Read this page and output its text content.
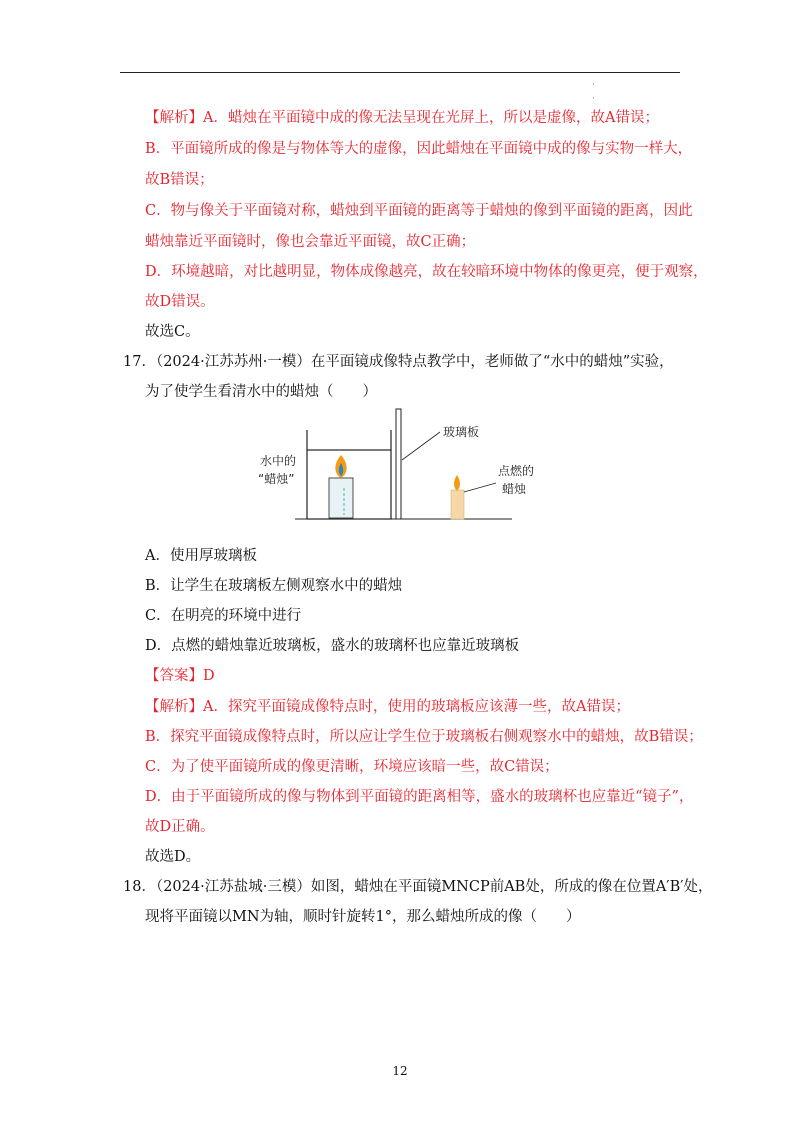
·
·
【解析】A．蜡烛在平面镜中成的像无法呈现在光屏上，所以是虚像，故A错误；
B．平面镜所成的像是与物体等大的虚像，因此蜡烛在平面镜中成的像与实物一样大，
故B错误；
C．物与像关于平面镜对称，蜡烛到平面镜的距离等于蜡烛的像到平面镜的距离，因此
蜡烛靠近平面镜时，像也会靠近平面镜，故C正确；
D．环境越暗，对比越明显，物体成像越亮，故在较暗环境中物体的像更亮，便于观察，
故D错误。
故选C。
17．（2024·江苏苏州·一模）在平面镜成像特点教学中，老师做了“水中的蜡烛”实验，
为了使学生看清水中的蜡烛（　　）
玻璃板
点燃的
蜡烛
水中的
“蜡烛”
A．使用厚玻璃板
B．让学生在玻璃板左侧观察水中的蜡烛
C．在明亮的环境中进行
D．点燃的蜡烛靠近玻璃板，盛水的玻璃杯也应靠近玻璃板
【答案】D
【解析】A．探究平面镜成像特点时，使用的玻璃板应该薄一些，故A错误；
B．探究平面镜成像特点时，所以应让学生位于玻璃板右侧观察水中的蜡烛，故B错误；
C．为了使平面镜所成的像更清晰，环境应该暗一些，故C错误；
D．由于平面镜所成的像与物体到平面镜的距离相等，盛水的玻璃杯也应靠近“镜子”，
故D正确。
故选D。
18．（2024·江苏盐城·三模）如图，蜡烛在平面镜MNCP前AB处，所成的像在位置A′B′处，
现将平面镜以MN为轴，顺时针旋转1°，那么蜡烛所成的像（　　）
12
